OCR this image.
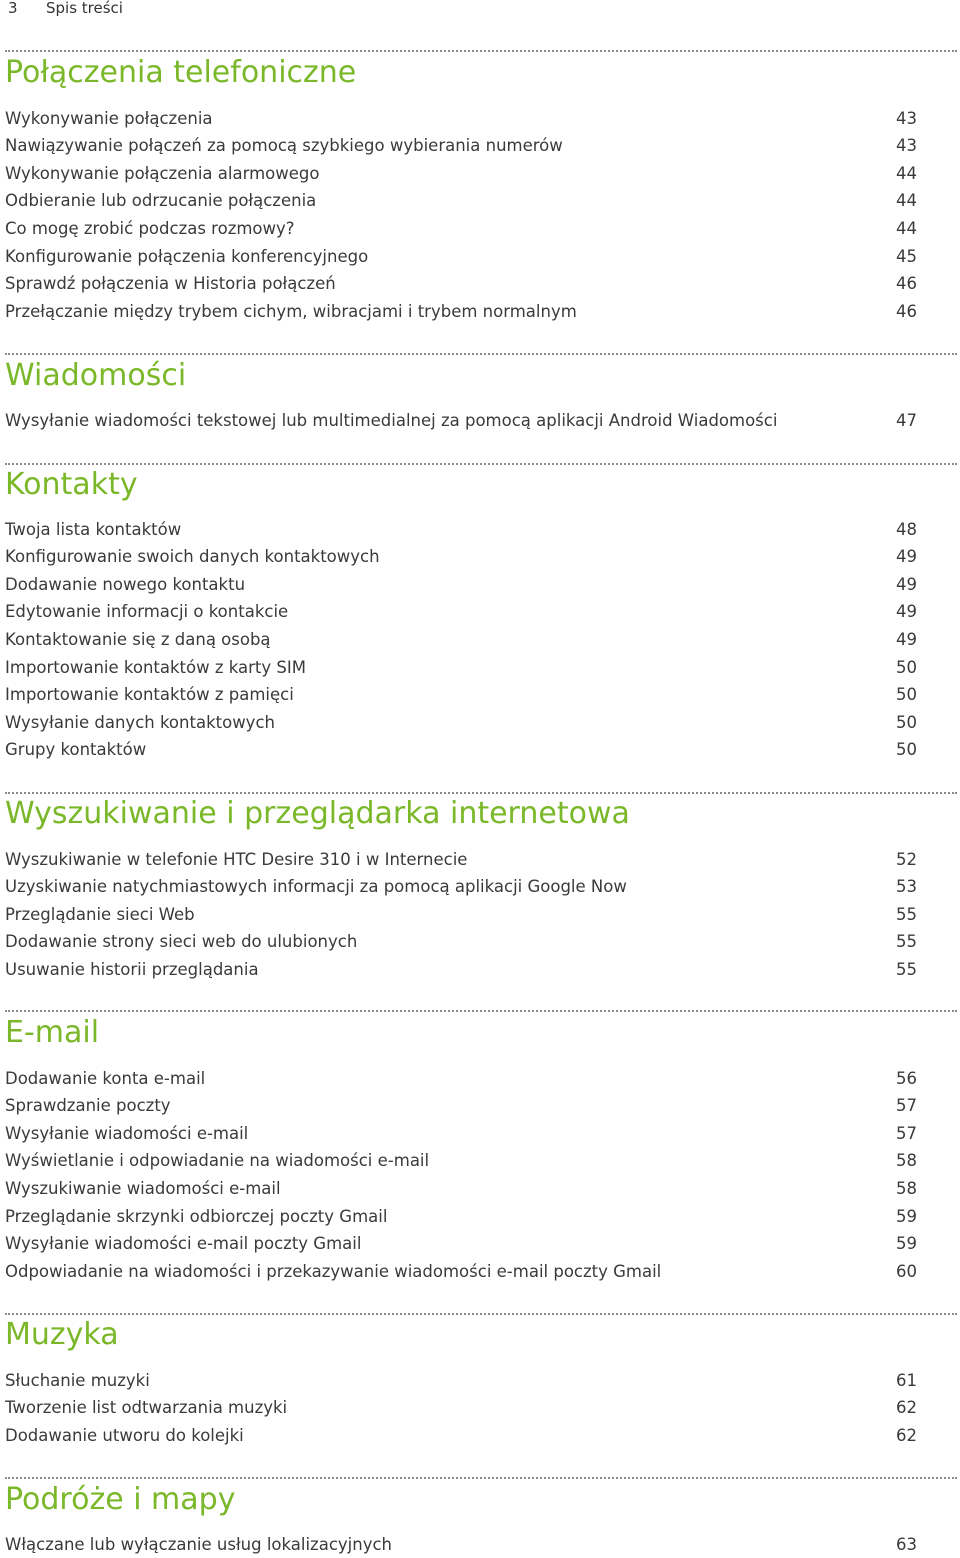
3 Spis treści
Połączenia telefoniczne
Wykonywanie połączenia	43
Nawiązywanie połączeń za pomocą szybkiego wybierania numerów	43
Wykonywanie połączenia alarmowego	44
Odbieranie lub odrzucanie połączenia	44
Co mogę zrobić podczas rozmowy?	44
Konfigurowanie połączenia konferencyjnego	45
Sprawdź połączenia w Historia połączeń	46
Przełączanie między trybem cichym, wibracjami i trybem normalnym	46
Wiadomości
Wysyłanie wiadomości tekstowej lub multimedialnej za pomocą aplikacji Android Wiadomości	47
Kontakty
Twoja lista kontaktów	48
Konfigurowanie swoich danych kontaktowych	49
Dodawanie nowego kontaktu	49
Edytowanie informacji o kontakcie	49
Kontaktowanie się z daną osobą	49
Importowanie kontaktów z karty SIM	50
Importowanie kontaktów z pamięci	50
Wysyłanie danych kontaktowych	50
Grupy kontaktów	50
Wyszukiwanie i przeglądarka internetowa
Wyszukiwanie w telefonie HTC Desire 310 i w Internecie	52
Uzyskiwanie natychmiastowych informacji za pomocą aplikacji Google Now	53
Przeglądanie sieci Web	55
Dodawanie strony sieci web do ulubionych	55
Usuwanie historii przeglądania	55
E-mail
Dodawanie konta e-mail	56
Sprawdzanie poczty	57
Wysyłanie wiadomości e-mail	57
Wyświetlanie i odpowiadanie na wiadomości e-mail	58
Wyszukiwanie wiadomości e-mail	58
Przeglądanie skrzynki odbiorczej poczty Gmail	59
Wysyłanie wiadomości e-mail poczty Gmail	59
Odpowiadanie na wiadomości i przekazywanie wiadomości e-mail poczty Gmail	60
Muzyka
Słuchanie muzyki	61
Tworzenie list odtwarzania muzyki	62
Dodawanie utworu do kolejki	62
Podróże i mapy
Włączane lub wyłączanie usług lokalizacyjnych	63
